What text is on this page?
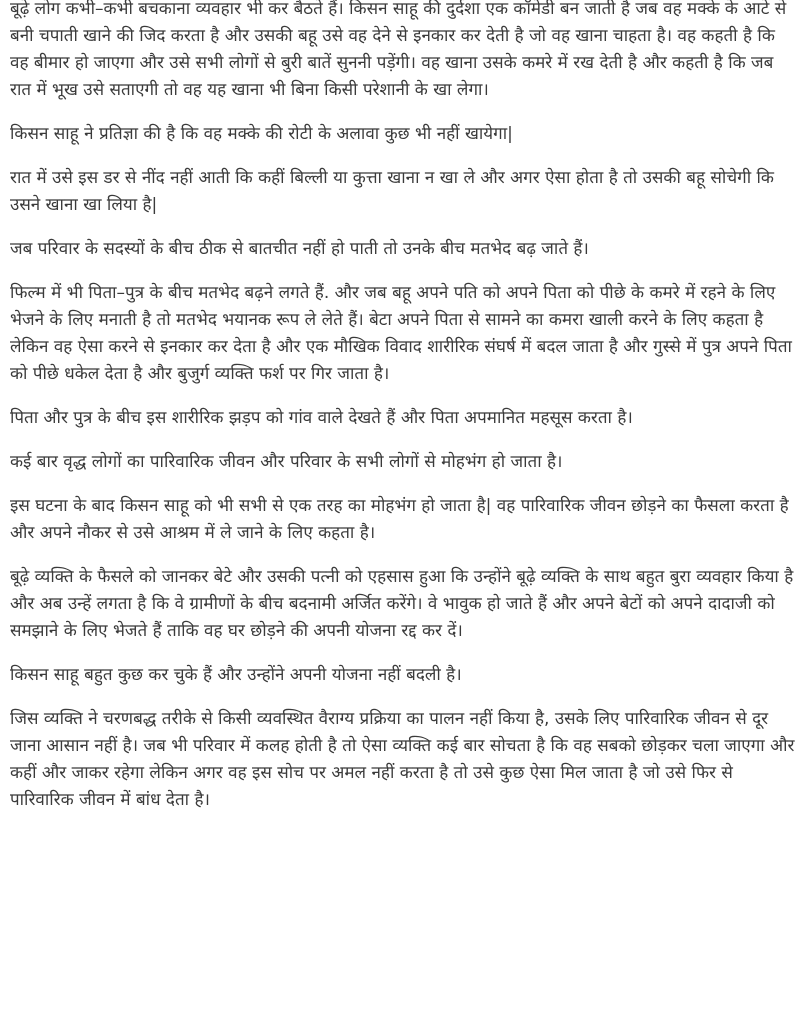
बूढ़े लोग कभी–कभी बचकाना व्यवहार भी कर बैठते हैं। किसन साहू की दुर्दशा एक कॉमेडी बन जाती है जब वह मक्के के आटे से बनी चपाती खाने की जिद करता है और उसकी बहू उसे वह देने से इनकार कर देती है जो वह खाना चाहता है। वह कहती है कि वह बीमार हो जाएगा और उसे सभी लोगों से बुरी बातें सुननी पड़ेंगी। वह खाना उसके कमरे में रख देती है और कहती है कि जब रात में भूख उसे सताएगी तो वह यह खाना भी बिना किसी परेशानी के खा लेगा।

किसन साहू ने प्रतिज्ञा की है कि वह मक्के की रोटी के अलावा कुछ भी नहीं खायेगा|

रात में उसे इस डर से नींद नहीं आती कि कहीं बिल्ली या कुत्ता खाना न खा ले और अगर ऐसा होता है तो उसकी बहू सोचेगी कि उसने खाना खा लिया है|

जब परिवार के सदस्यों के बीच ठीक से बातचीत नहीं हो पाती तो उनके बीच मतभेद बढ़ जाते हैं।

फिल्म में भी पिता–पुत्र के बीच मतभेद बढ़ने लगते हैं. और जब बहू अपने पति को अपने पिता को पीछे के कमरे में रहने के लिए भेजने के लिए मनाती है तो मतभेद भयानक रूप ले लेते हैं। बेटा अपने पिता से सामने का कमरा खाली करने के लिए कहता है लेकिन वह ऐसा करने से इनकार कर देता है और एक मौखिक विवाद शारीरिक संघर्ष में बदल जाता है और गुस्से में पुत्र अपने पिता को पीछे धकेल देता है और बुजुर्ग व्यक्ति फर्श पर गिर जाता है।

पिता और पुत्र के बीच इस शारीरिक झड़प को गांव वाले देखते हैं और पिता अपमानित महसूस करता है।

कई बार वृद्ध लोगों का पारिवारिक जीवन और परिवार के सभी लोगों से मोहभंग हो जाता है।

इस घटना के बाद किसन साहू को भी सभी से एक तरह का मोहभंग हो जाता है| वह पारिवारिक जीवन छोड़ने का फैसला करता है और अपने नौकर से उसे आश्रम में ले जाने के लिए कहता है।

बूढ़े व्यक्ति के फैसले को जानकर बेटे और उसकी पत्नी को एहसास हुआ कि उन्होंने बूढ़े व्यक्ति के साथ बहुत बुरा व्यवहार किया है और अब उन्हें लगता है कि वे ग्रामीणों के बीच बदनामी अर्जित करेंगे। वे भावुक हो जाते हैं और अपने बेटों को अपने दादाजी को समझाने के लिए भेजते हैं ताकि वह घर छोड़ने की अपनी योजना रद्द कर दें।

किसन साहू बहुत कुछ कर चुके हैं और उन्होंने अपनी योजना नहीं बदली है।

जिस व्यक्ति ने चरणबद्ध तरीके से किसी व्यवस्थित वैराग्य प्रक्रिया का पालन नहीं किया है, उसके लिए पारिवारिक जीवन से दूर जाना आसान नहीं है। जब भी परिवार में कलह होती है तो ऐसा व्यक्ति कई बार सोचता है कि वह सबको छोड़कर चला जाएगा और कहीं और जाकर रहेगा लेकिन अगर वह इस सोच पर अमल नहीं करता है तो उसे कुछ ऐसा मिल जाता है जो उसे फिर से पारिवारिक जीवन में बांध देता है।
